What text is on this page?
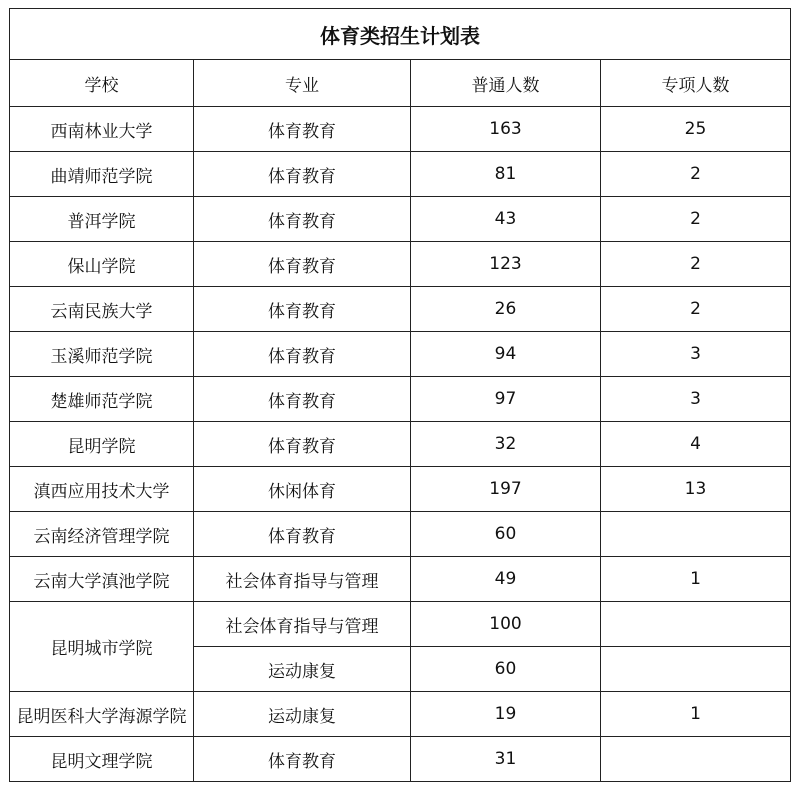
体育类招生计划表			
学校	专业	普通人数	专项人数
西南林业大学	体育教育	163	25
曲靖师范学院	体育教育	81	2
普洱学院	体育教育	43	2
保山学院	体育教育	123	2
云南民族大学	体育教育	26	2
玉溪师范学院	体育教育	94	3
楚雄师范学院	体育教育	97	3
昆明学院	体育教育	32	4
滇西应用技术大学	休闲体育	197	13
云南经济管理学院	体育教育	60	
云南大学滇池学院	社会体育指导与管理	49	1
昆明城市学院	社会体育指导与管理	100	
	运动康复	60	
昆明医科大学海源学院	运动康复	19	1
昆明文理学院	体育教育	31	
